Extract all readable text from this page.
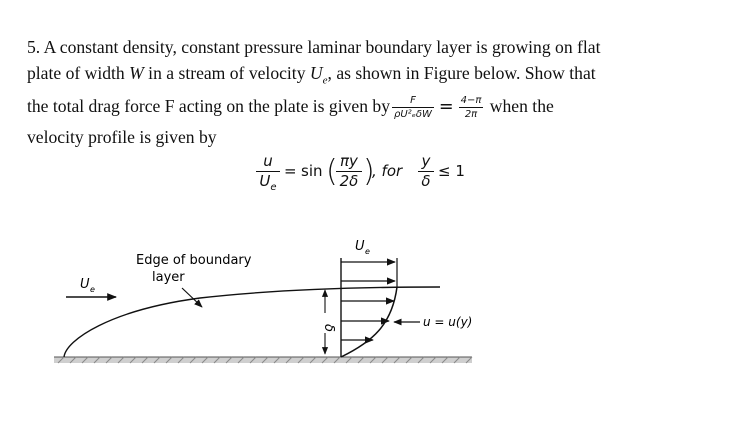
5. A constant density, constant pressure laminar boundary layer is growing on flat
plate of width W in a stream of velocity $U_e$, as shown in Figure below. Show that
the total drag force F acting on the plate is given by $\frac{F}{\text{ρU²ₑδW}} = \frac{4-\pi}{2\pi}$ when the
velocity profile is given by
$\frac{u}{U_e} = \sin$ (
$\frac{\pi y}{2\delta}$ )
, for $\frac{y}{\delta} \le 1$
U e
Edge of boundary
layer
U e
δ	u = u(y)
